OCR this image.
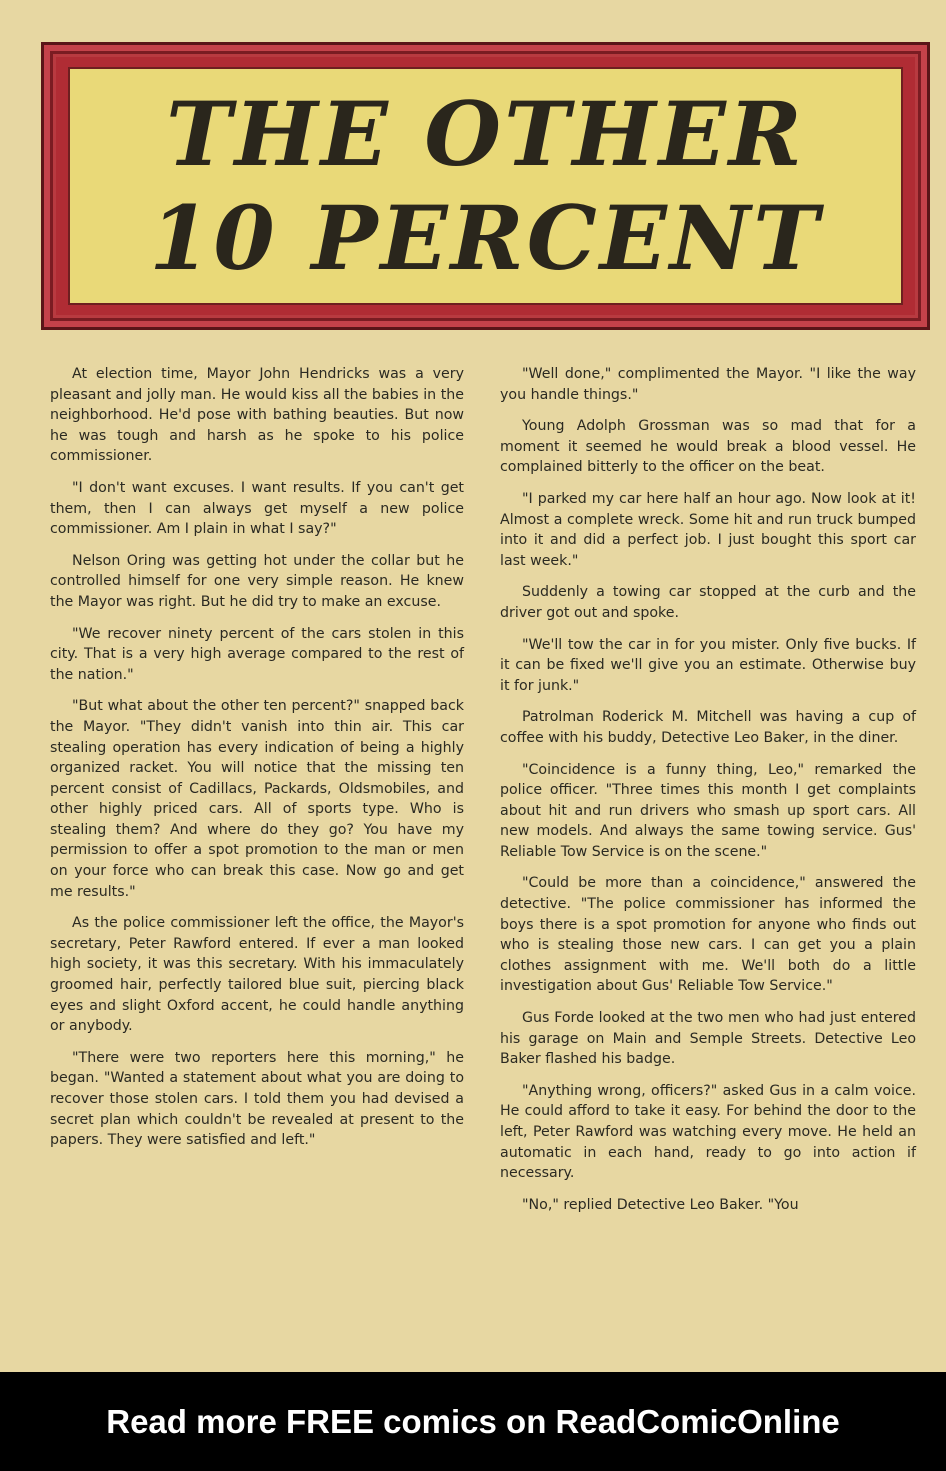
THE OTHER
10 PERCENT

At election time, Mayor John Hendricks was a very pleasant and jolly man. He would kiss all the babies in the neighborhood. He'd pose with bathing beauties. But now he was tough and harsh as he spoke to his police commissioner.

"I don't want excuses. I want results. If you can't get them, then I can always get myself a new police commissioner. Am I plain in what I say?"

Nelson Oring was getting hot under the collar but he controlled himself for one very simple reason. He knew the Mayor was right. But he did try to make an excuse.

"We recover ninety percent of the cars stolen in this city. That is a very high average compared to the rest of the nation."

"But what about the other ten percent?" snapped back the Mayor. "They didn't vanish into thin air. This car stealing operation has every indication of being a highly organized racket. You will notice that the missing ten percent consist of Cadillacs, Packards, Oldsmobiles, and other highly priced cars. All of sports type. Who is stealing them? And where do they go? You have my permission to offer a spot promotion to the man or men on your force who can break this case. Now go and get me results."

As the police commissioner left the office, the Mayor's secretary, Peter Rawford entered. If ever a man looked high society, it was this secretary. With his immaculately groomed hair, perfectly tailored blue suit, piercing black eyes and slight Oxford accent, he could handle anything or anybody.

"There were two reporters here this morning," he began. "Wanted a statement about what you are doing to recover those stolen cars. I told them you had devised a secret plan which couldn't be revealed at present to the papers. They were satisfied and left."

"Well done," complimented the Mayor. "I like the way you handle things."

Young Adolph Grossman was so mad that for a moment it seemed he would break a blood vessel. He complained bitterly to the officer on the beat.

"I parked my car here half an hour ago. Now look at it! Almost a complete wreck. Some hit and run truck bumped into it and did a perfect job. I just bought this sport car last week."

Suddenly a towing car stopped at the curb and the driver got out and spoke.

"We'll tow the car in for you mister. Only five bucks. If it can be fixed we'll give you an estimate. Otherwise buy it for junk."

Patrolman Roderick M. Mitchell was having a cup of coffee with his buddy, Detective Leo Baker, in the diner.

"Coincidence is a funny thing, Leo," remarked the police officer. "Three times this month I get complaints about hit and run drivers who smash up sport cars. All new models. And always the same towing service. Gus' Reliable Tow Service is on the scene."

"Could be more than a coincidence," answered the detective. "The police commissioner has informed the boys there is a spot promotion for anyone who finds out who is stealing those new cars. I can get you a plain clothes assignment with me. We'll both do a little investigation about Gus' Reliable Tow Service."

Gus Forde looked at the two men who had just entered his garage on Main and Semple Streets. Detective Leo Baker flashed his badge.

"Anything wrong, officers?" asked Gus in a calm voice. He could afford to take it easy. For behind the door to the left, Peter Rawford was watching every move. He held an automatic in each hand, ready to go into action if necessary.

"No," replied Detective Leo Baker. "You

Read more FREE comics on ReadComicOnline
